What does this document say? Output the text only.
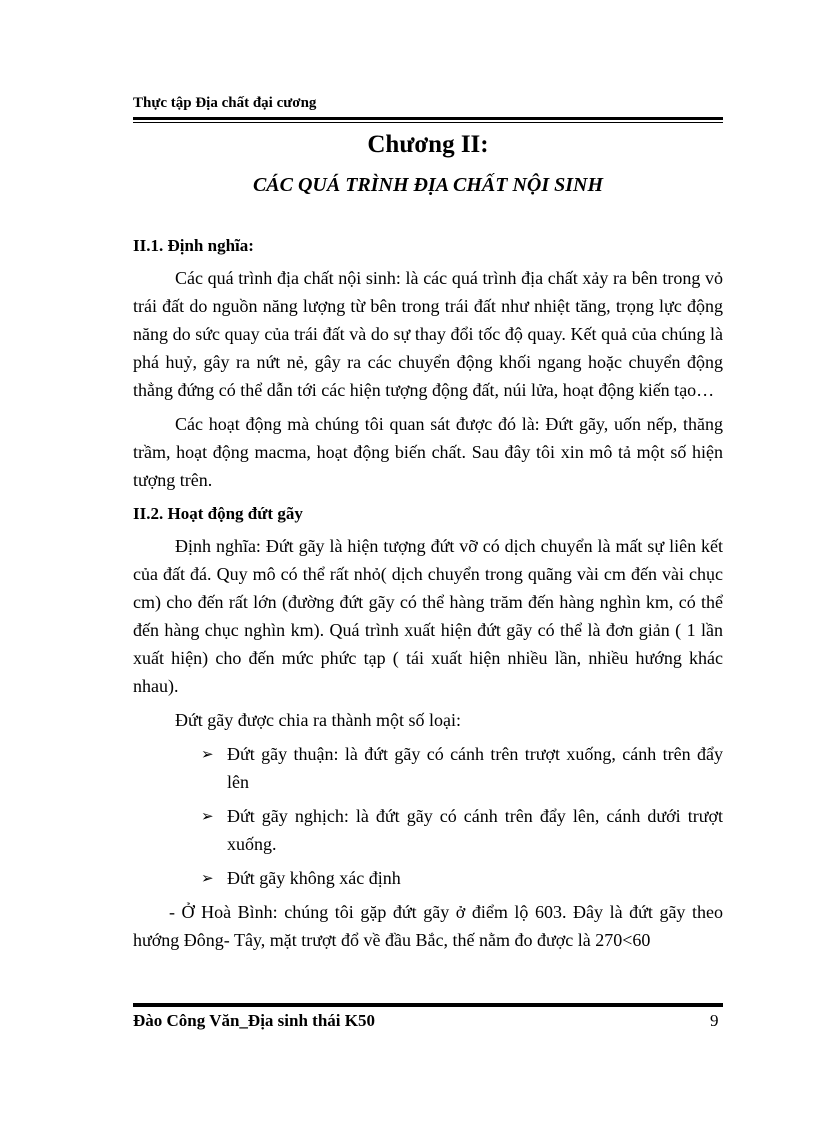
Thực tập Địa chất đại cương
Chương II:
CÁC QUÁ TRÌNH ĐỊA CHẤT NỘI SINH

II.1. Định nghĩa:

Các quá trình địa chất nội sinh: là các quá trình địa chất xảy ra bên trong vỏ trái đất do nguồn năng lượng từ bên trong trái đất như nhiệt tăng, trọng lực động năng do sức quay của trái đất và do sự thay đổi tốc độ quay. Kết quả của chúng là phá huỷ, gây ra nứt nẻ, gây ra các chuyển động khối ngang hoặc chuyển động thẳng đứng có thể dẫn tới các hiện tượng động đất, núi lửa, hoạt động kiến tạo…

Các hoạt động mà chúng tôi quan sát được đó là: Đứt gãy, uốn nếp, thăng trầm, hoạt động macma, hoạt động biến chất. Sau đây tôi xin mô tả một số hiện tượng trên.

II.2. Hoạt động đứt gãy

Định nghĩa: Đứt gãy là hiện tượng đứt vỡ có dịch chuyển là mất sự liên kết của đất đá. Quy mô có thể rất nhỏ( dịch chuyển trong quãng vài cm đến vài chục cm) cho đến rất lớn (đường đứt gãy có thể hàng trăm đến hàng nghìn km, có thể đến hàng chục nghìn km). Quá trình xuất hiện đứt gãy có thể là đơn giản ( 1 lần xuất hiện) cho đến mức phức tạp ( tái xuất hiện nhiều lần, nhiều hướng khác nhau).

Đứt gãy được chia ra thành một số loại:

➢ Đứt gãy thuận: là đứt gãy có cánh trên trượt xuống, cánh trên đẩy lên
➢ Đứt gãy nghịch: là đứt gãy có cánh trên đẩy lên, cánh dưới trượt xuống.
➢ Đứt gãy không xác định

- Ở Hoà Bình: chúng tôi gặp đứt gãy ở điểm lộ 603. Đây là đứt gãy theo hướng Đông- Tây, mặt trượt đổ về đầu Bắc, thế nằm đo được là 270<60

Đào Công Văn_Địa sinh thái K50	9
